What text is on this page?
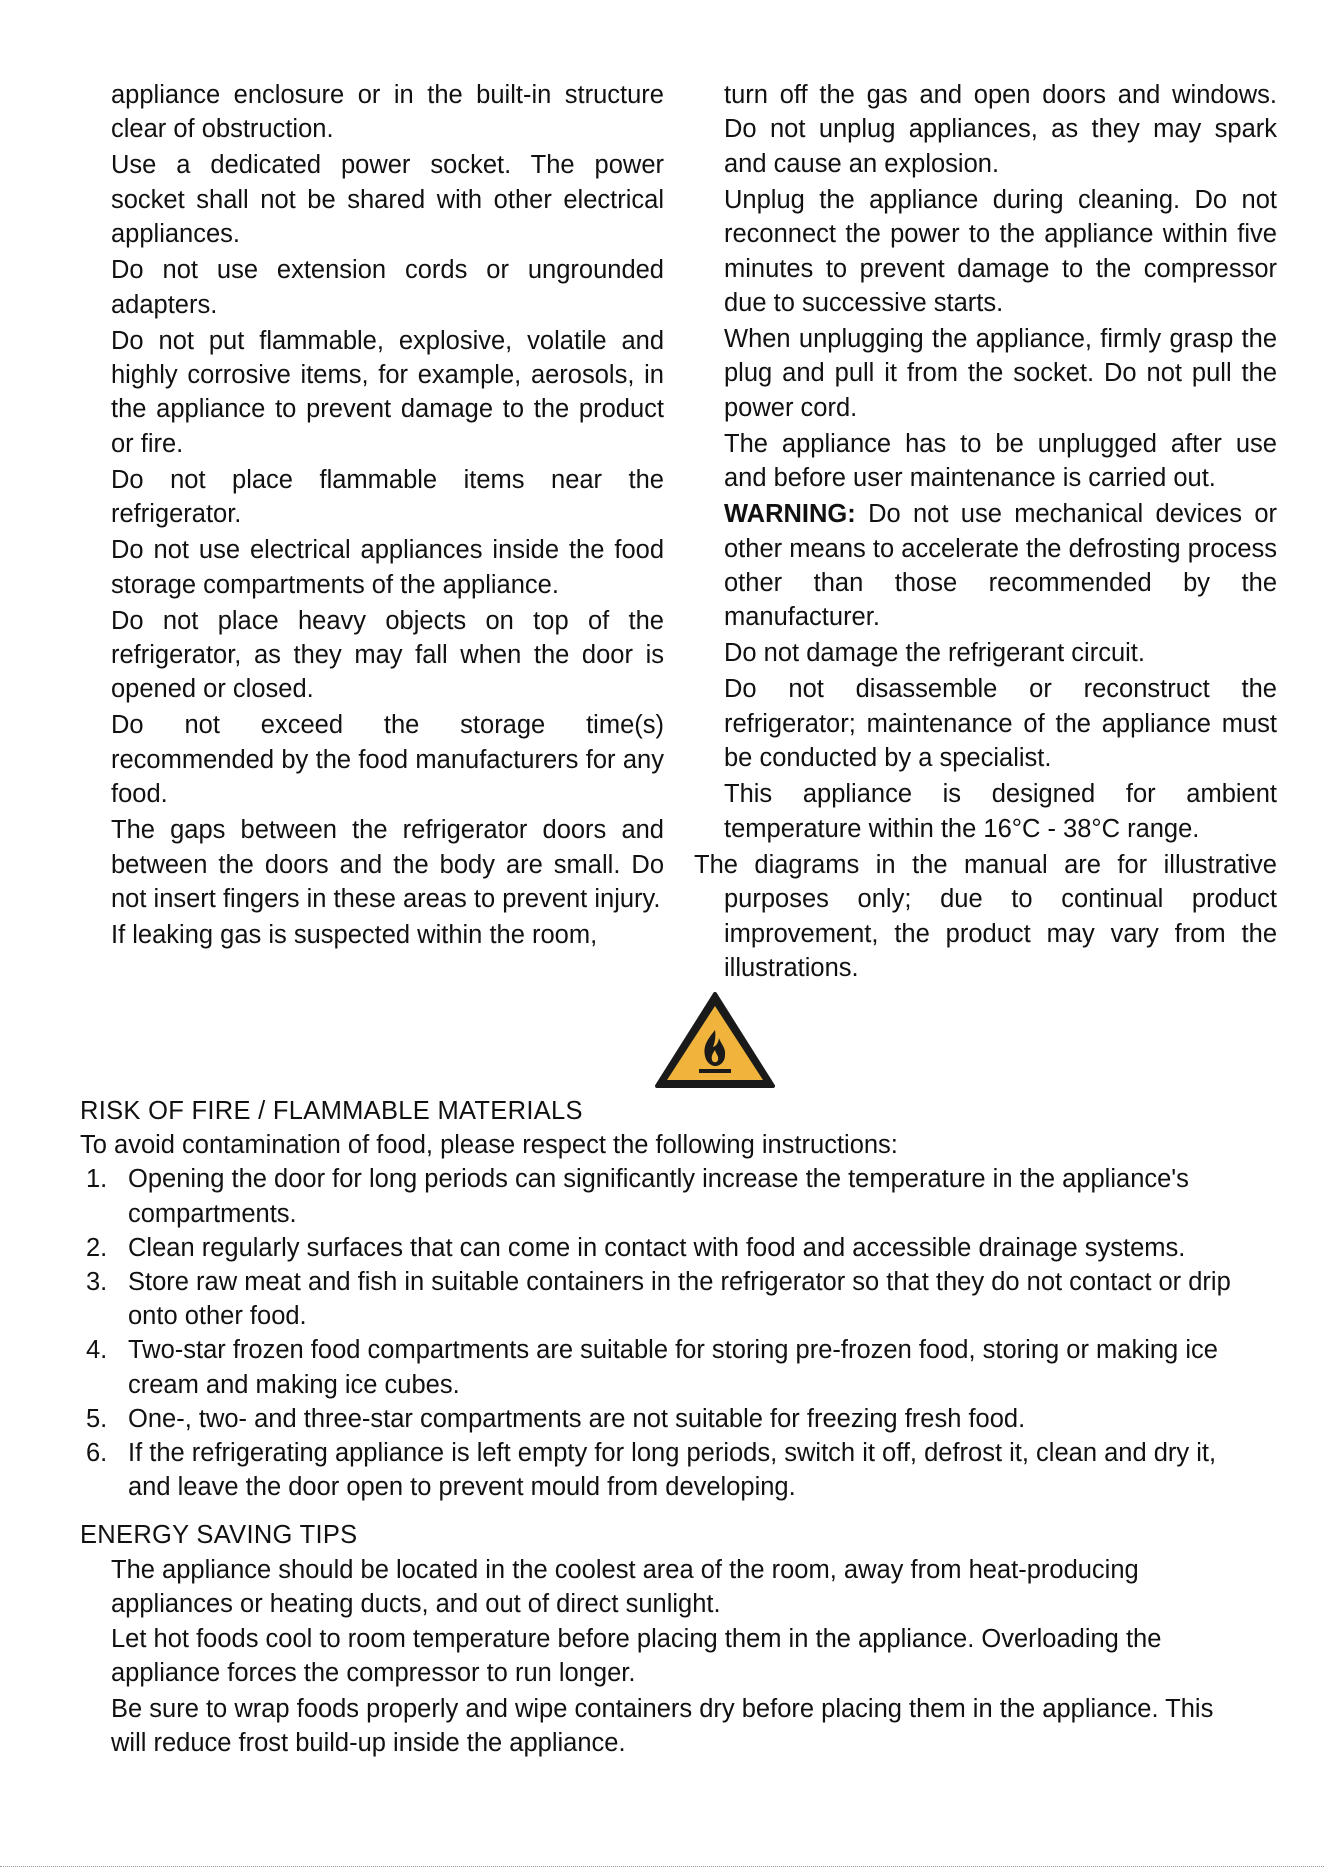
appliance enclosure or in the built-in structure clear of obstruction.

Use a dedicated power socket. The power socket shall not be shared with other electrical appliances.

Do not use extension cords or ungrounded adapters.

Do not put flammable, explosive, volatile and highly corrosive items, for example, aerosols, in the appliance to prevent damage to the product or fire.

Do not place flammable items near the refrigerator.

Do not use electrical appliances inside the food storage compartments of the appliance.

Do not place heavy objects on top of the refrigerator, as they may fall when the door is opened or closed.

Do not exceed the storage time(s) recommended by the food manufacturers for any food.

The gaps between the refrigerator doors and between the doors and the body are small. Do not insert fingers in these areas to prevent injury.

If leaking gas is suspected within the room,

turn off the gas and open doors and windows. Do not unplug appliances, as they may spark and cause an explosion.

Unplug the appliance during cleaning. Do not reconnect the power to the appliance within five minutes to prevent damage to the compressor due to successive starts.

When unplugging the appliance, firmly grasp the plug and pull it from the socket. Do not pull the power cord.

The appliance has to be unplugged after use and before user maintenance is carried out.

WARNING: Do not use mechanical devices or other means to accelerate the defrosting process other than those recommended by the manufacturer.

Do not damage the refrigerant circuit.

Do not disassemble or reconstruct the refrigerator; maintenance of the appliance must be conducted by a specialist.

This appliance is designed for ambient temperature within the 16°C - 38°C range.

The diagrams in the manual are for illustrative purposes only; due to continual product improvement, the product may vary from the illustrations.

RISK OF FIRE / FLAMMABLE MATERIALS

To avoid contamination of food, please respect the following instructions:

1. Opening the door for long periods can significantly increase the temperature in the appliance's compartments.
2. Clean regularly surfaces that can come in contact with food and accessible drainage systems.
3. Store raw meat and fish in suitable containers in the refrigerator so that they do not contact or drip onto other food.
4. Two-star frozen food compartments are suitable for storing pre-frozen food, storing or making ice cream and making ice cubes.
5. One-, two- and three-star compartments are not suitable for freezing fresh food.
6. If the refrigerating appliance is left empty for long periods, switch it off, defrost it, clean and dry it, and leave the door open to prevent mould from developing.
ENERGY SAVING TIPS

The appliance should be located in the coolest area of the room, away from heat-producing appliances or heating ducts, and out of direct sunlight.

Let hot foods cool to room temperature before placing them in the appliance. Overloading the appliance forces the compressor to run longer.

Be sure to wrap foods properly and wipe containers dry before placing them in the appliance. This will reduce frost build-up inside the appliance.
